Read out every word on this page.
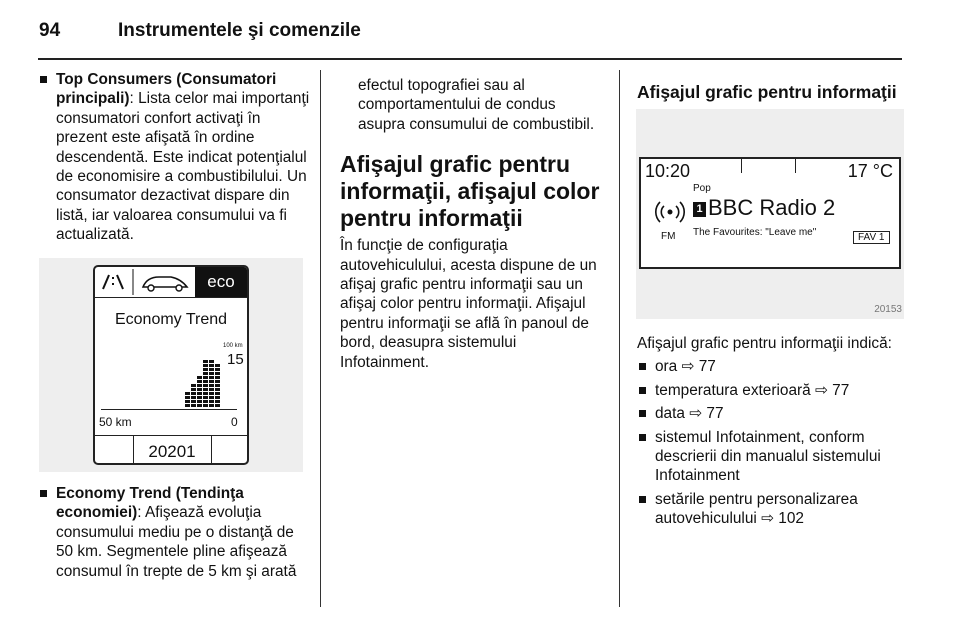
94	Instrumentele şi comenzile

Top Consumers (Consumatori principali): Lista celor mai importanţi consumatori confort activaţi în prezent este afişată în ordine descendentă. Este indicat potenţialul de economisire a combustibilului. Un consumator dezactivat dispare din listă, iar valoarea consumului va fi actualizată.

eco
Economy Trend
100 km
15
50 km	0
20201

Economy Trend (Tendinţa economiei): Afişează evoluţia consumului mediu pe o distanţă de 50 km. Segmentele pline afişează consumul în trepte de 5 km şi arată

efectul topografiei sau al comportamentului de condus asupra consumului de combustibil.

Afişajul grafic pentru informaţii, afişajul color pentru informaţii

În funcţie de configuraţia autovehiculului, acesta dispune de un afişaj grafic pentru informaţii sau un afişaj color pentru informaţii. Afişajul pentru informaţii se află în panoul de bord, deasupra sistemului Infotainment.

Afişajul grafic pentru informaţii

10:20	17 °C
FM
Pop
1 BBC Radio 2
The Favourites: "Leave me"	FAV 1
20153

Afişajul grafic pentru informaţii indică:

ora ⇨ 77

temperatura exterioară ⇨ 77

data ⇨ 77

sistemul Infotainment, conform descrierii din manualul sistemului Infotainment

setările pentru personalizarea autovehiculului ⇨ 102
